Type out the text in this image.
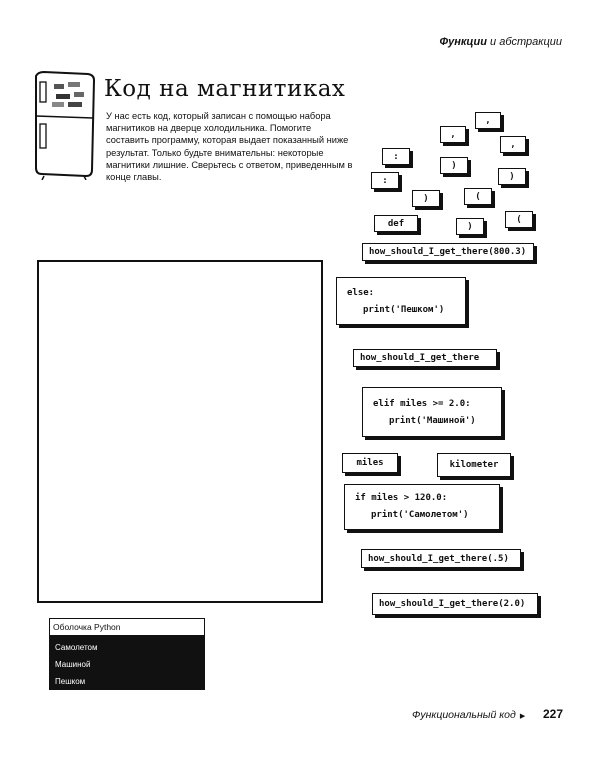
Функции и абстракции
Код на магнитиках
У нас есть код, который записан с помощью набора магнитиков на дверце холодильника. Помогите составить программу, которая выдает показанный ниже результат. Только будьте внимательны: некоторые магнитики лишние. Сверьтесь с ответом, приведенным в конце главы.
,
,
,
:
)
:	)
(
)
def	)
(
how_should_I_get_there(800.3)
else:
print('Пешком')
how_should_I_get_there
elif miles >= 2.0:
print('Машиной')
miles	kilometer
if miles > 120.0:
print('Самолетом')
how_should_I_get_there(.5)
how_should_I_get_there(2.0)
Оболочка Python
Самолетом
Машиной
Пешком
Функциональный код ▶ 227
